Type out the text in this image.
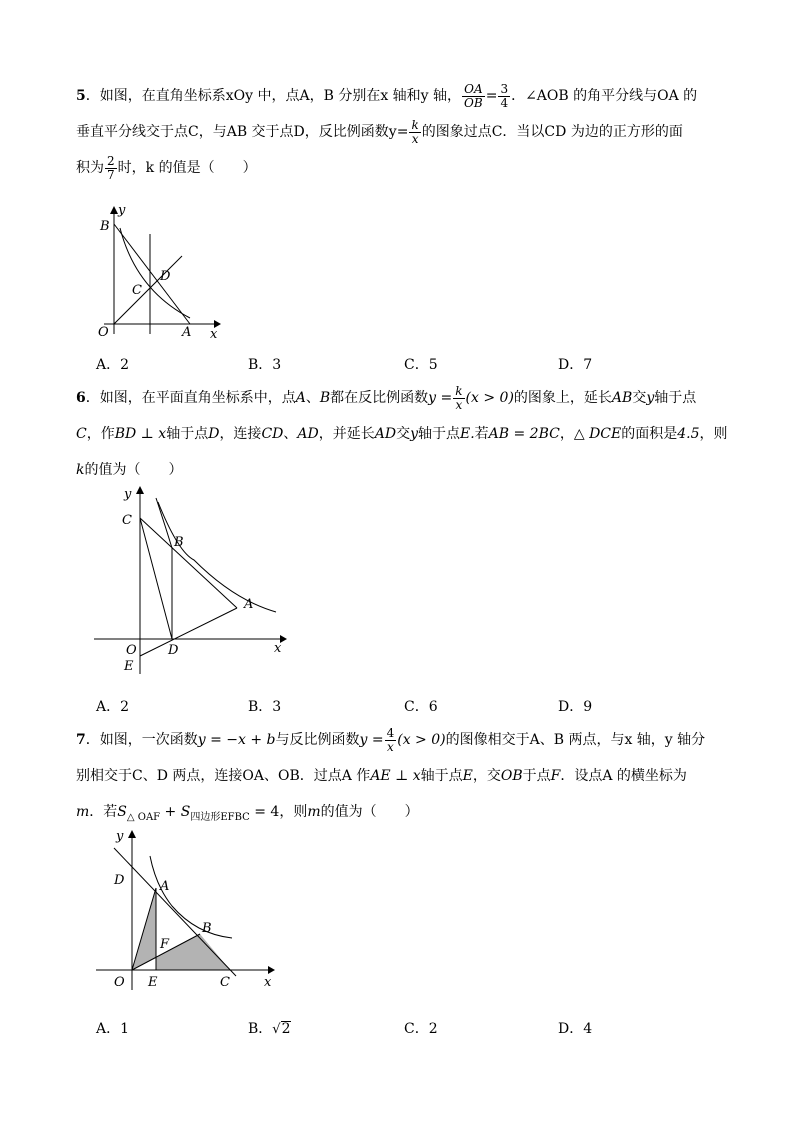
5．如图，在直角坐标系xOy 中，点A，B 分别在x 轴和y 轴， $\frac{OA}{OB} = \frac{3}{4}$ ．∠AOB 的角平分线与OA 的
垂直平分线交于点C，与AB 交于点D，反比例函数$y= \frac{k}{x}$ 的图象过点C．当以CD 为边的正方形的面
积为 $\frac{2}{7}$ 时，k 的值是（　　）
y
B
D
C
O	A x
A．2	B．3	C．5	D．7
6．如图，在平面直角坐标系中，点A、B都在反比例函数$y = \frac{k}{x} (x > 0)$的图象上，延长AB交y轴于点
C，作BD ⊥ x轴于点D，连接CD、AD，并延长AD交y轴于点E.若AB = 2BC，△ DCE的面积是4.5，则
k的值为（　　）
y
C
B
A
O D
E
x
A．2	B．3	C．6	D．9
7．如图，一次函数y = −x + b与反比例函数$y = \frac{4}{x} (x > 0)$的图像相交于A、B 两点，与x 轴，y 轴分
别相交于C、D 两点，连接OA、OB．过点A 作AE ⊥ x轴于点E，交OB于点F．设点A 的横坐标为
m．若$S_{\triangle OAF} + S_{四边形EFBC} = 4$，则m的值为（　　）
y
D	A
B
F
O E	C	x
A．1	B．√2	C．2	D．4
